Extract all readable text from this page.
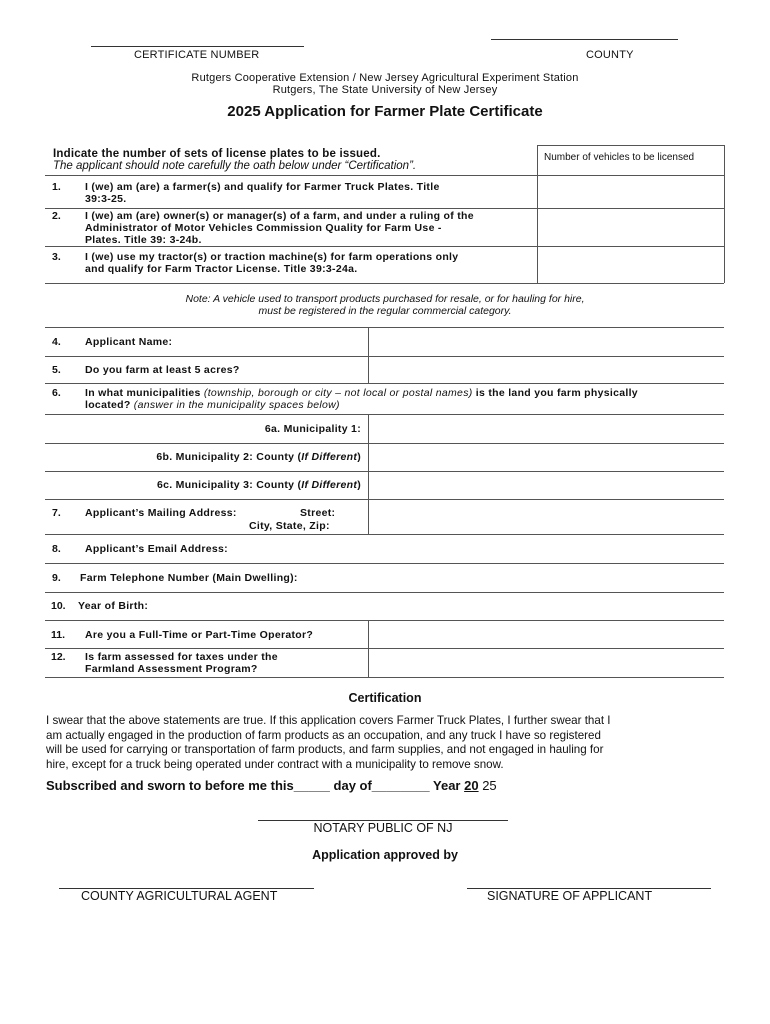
CERTIFICATE NUMBER	COUNTY
Rutgers Cooperative Extension / New Jersey Agricultural Experiment Station
Rutgers, The State University of New Jersey
2025 Application for Farmer Plate Certificate
Indicate the number of sets of license plates to be issued.
The applicant should note carefully the oath below under “Certification”.
Number of vehicles to be licensed
1. I (we) am (are) a farmer(s) and qualify for Farmer Truck Plates. Title
39:3-25.
2. I (we) am (are) owner(s) or manager(s) of a farm, and under a ruling of the
Administrator of Motor Vehicles Commission Quality for Farm Use -
Plates. Title 39: 3-24b.
3. I (we) use my tractor(s) or traction machine(s) for farm operations only
and qualify for Farm Tractor License. Title 39:3-24a.
Note: A vehicle used to transport products purchased for resale, or for hauling for hire,
must be registered in the regular commercial category.
4. Applicant Name:
5. Do you farm at least 5 acres?
6. In what municipalities (township, borough or city – not local or postal names) is the land you farm physically
located? (answer in the municipality spaces below)
6a. Municipality 1:
6b. Municipality 2: County (If Different)
6c. Municipality 3: County (If Different)
7. Applicant’s Mailing Address:	Street:
City, State, Zip:
8. Applicant’s Email Address:
9. Farm Telephone Number (Main Dwelling):
10. Year of Birth:
11. Are you a Full-Time or Part-Time Operator?
12. Is farm assessed for taxes under the
Farmland Assessment Program?
Certification
I swear that the above statements are true. If this application covers Farmer Truck Plates, I further swear that I
am actually engaged in the production of farm products as an occupation, and any truck I have so registered
will be used for carrying or transportation of farm products, and farm supplies, and not engaged in hauling for
hire, except for a truck being operated under contract with a municipality to remove snow.
Subscribed and sworn to before me this_____ day of________ Year 20 25
NOTARY PUBLIC OF NJ
Application approved by
COUNTY AGRICULTURAL AGENT	SIGNATURE OF APPLICANT
